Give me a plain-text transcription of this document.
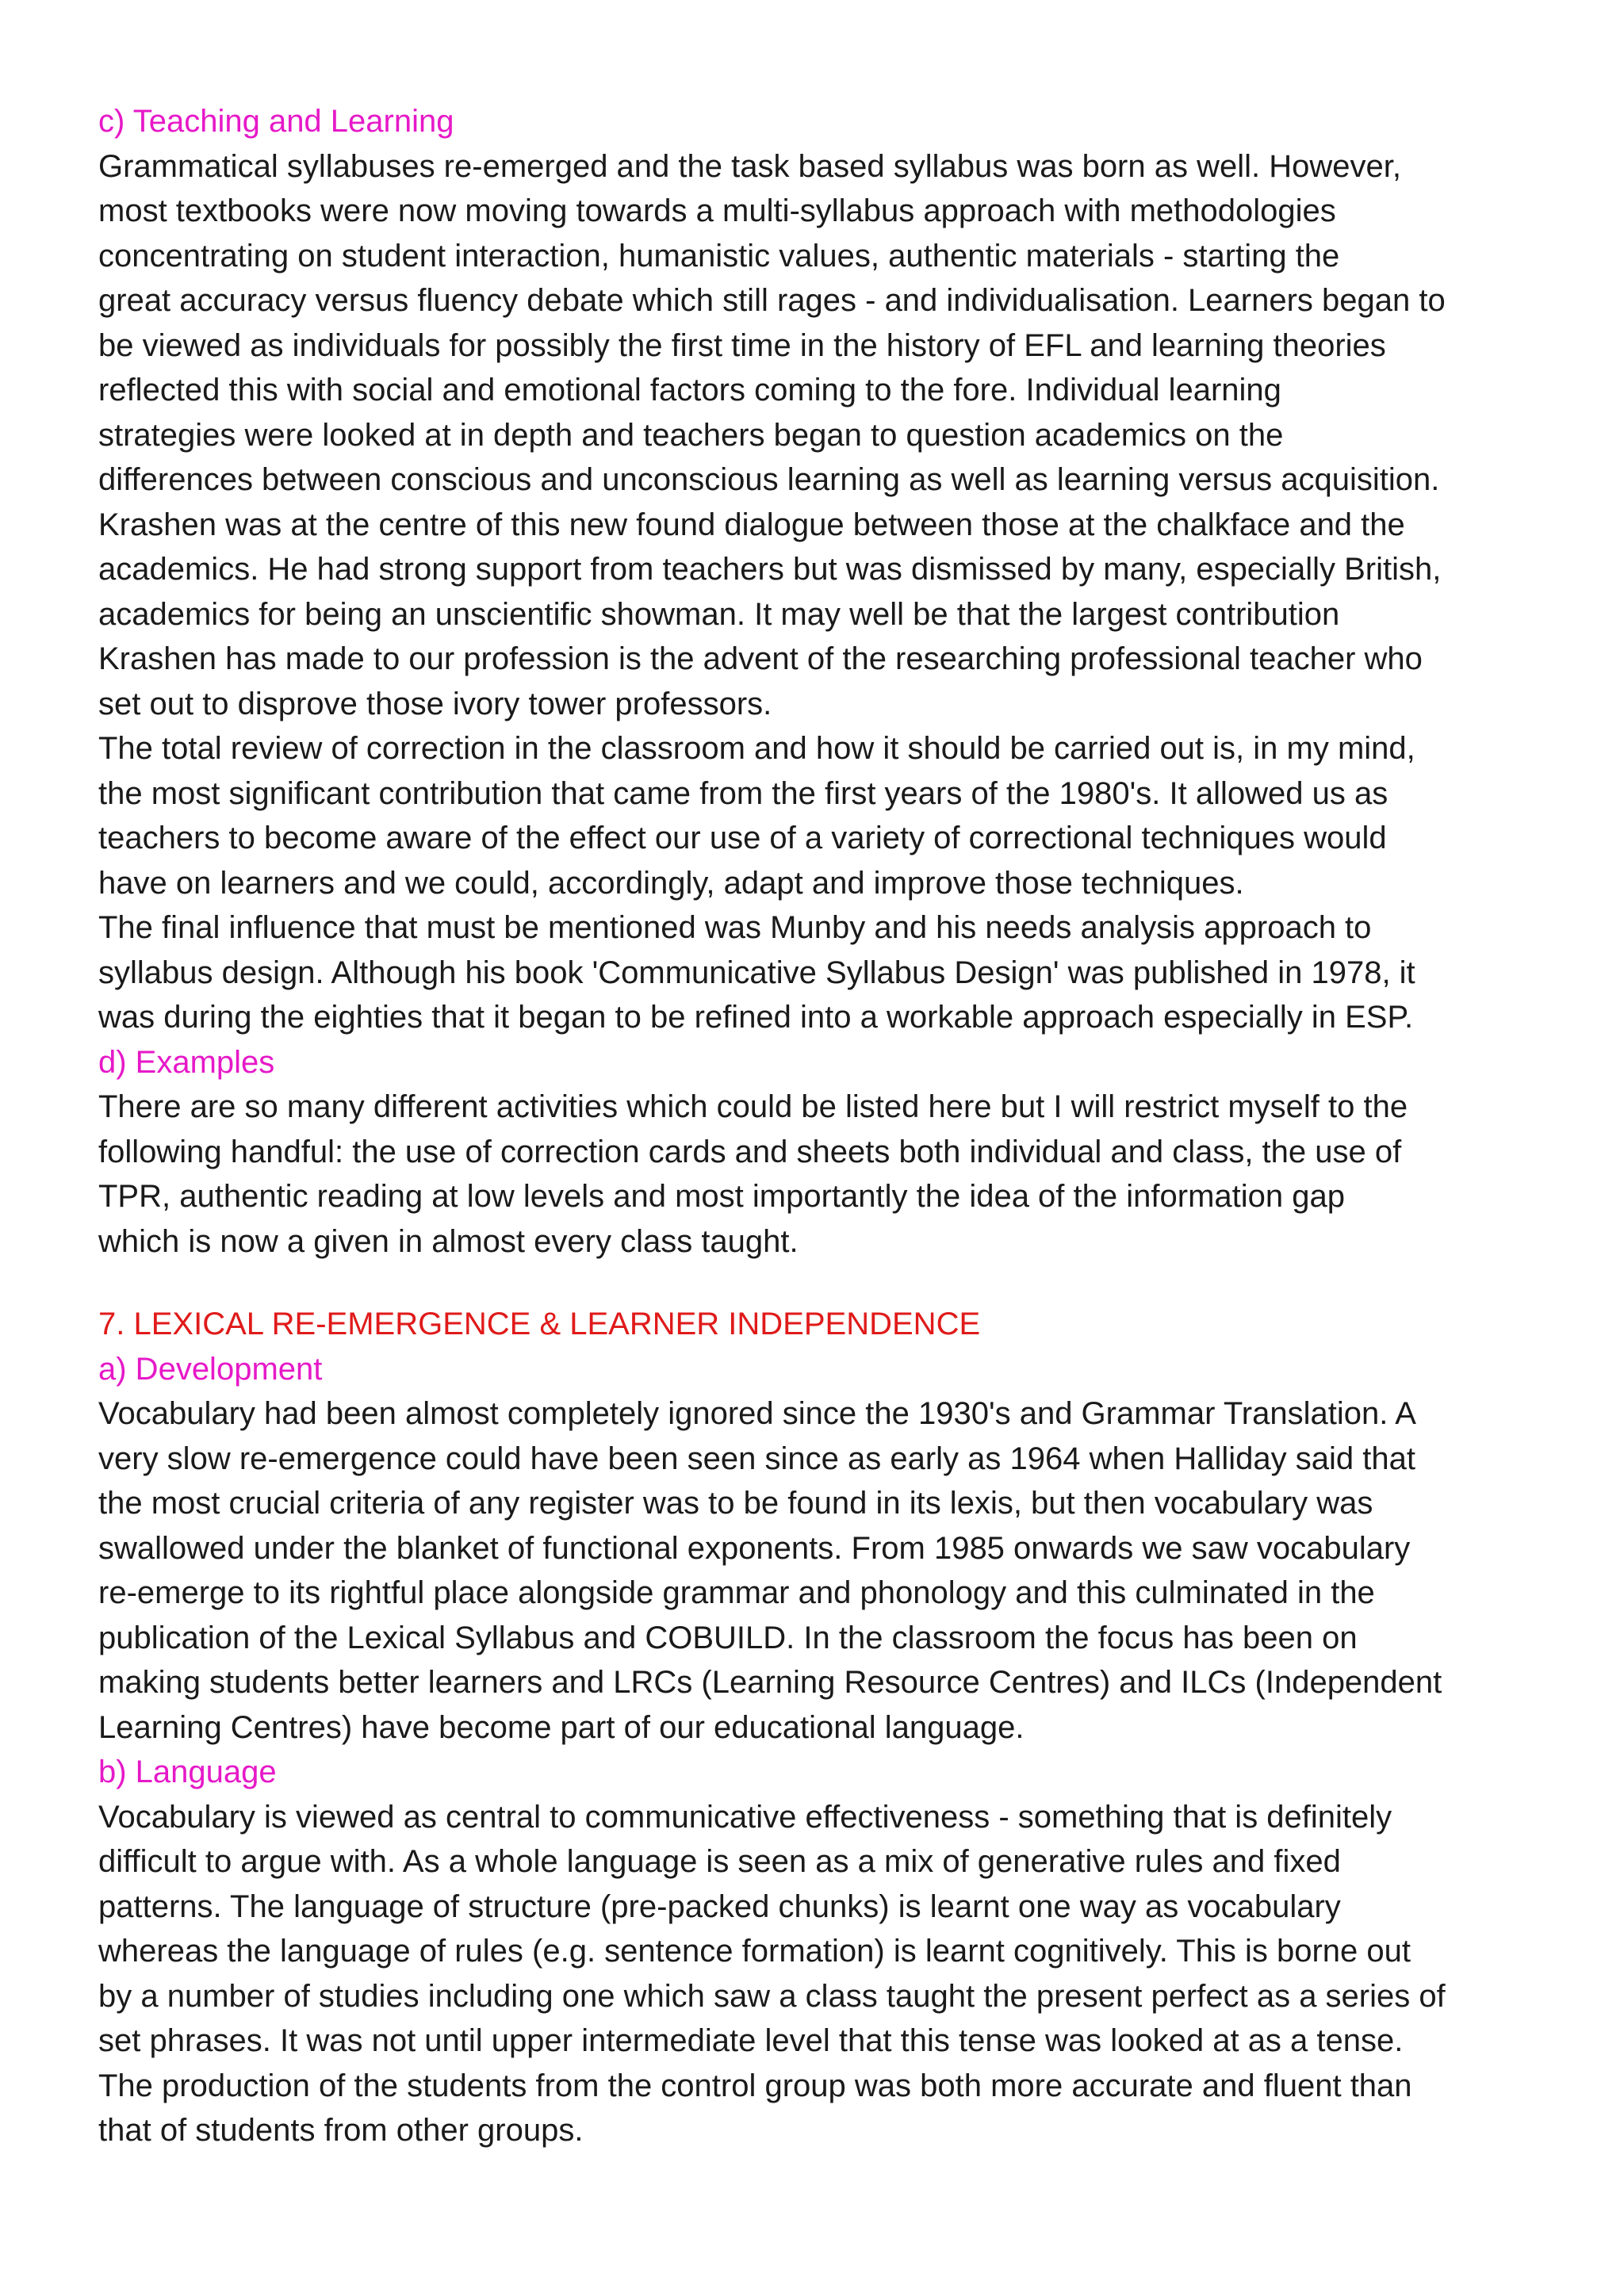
c) Teaching and Learning

Grammatical syllabuses re-emerged and the task based syllabus was born as well. However,
most textbooks were now moving towards a multi-syllabus approach with methodologies
concentrating on student interaction, humanistic values, authentic materials - starting the
great accuracy versus fluency debate which still rages - and individualisation. Learners began to
be viewed as individuals for possibly the first time in the history of EFL and learning theories
reflected this with social and emotional factors coming to the fore. Individual learning
strategies were looked at in depth and teachers began to question academics on the
differences between conscious and unconscious learning as well as learning versus acquisition.
Krashen was at the centre of this new found dialogue between those at the chalkface and the
academics. He had strong support from teachers but was dismissed by many, especially British,
academics for being an unscientific showman. It may well be that the largest contribution
Krashen has made to our profession is the advent of the researching professional teacher who
set out to disprove those ivory tower professors.

The total review of correction in the classroom and how it should be carried out is, in my mind,
the most significant contribution that came from the first years of the 1980's. It allowed us as
teachers to become aware of the effect our use of a variety of correctional techniques would
have on learners and we could, accordingly, adapt and improve those techniques.

The final influence that must be mentioned was Munby and his needs analysis approach to
syllabus design. Although his book 'Communicative Syllabus Design' was published in 1978, it
was during the eighties that it began to be refined into a workable approach especially in ESP.

d) Examples

There are so many different activities which could be listed here but I will restrict myself to the
following handful: the use of correction cards and sheets both individual and class, the use of
TPR, authentic reading at low levels and most importantly the idea of the information gap
which is now a given in almost every class taught.

7. LEXICAL RE-EMERGENCE & LEARNER INDEPENDENCE
a) Development

Vocabulary had been almost completely ignored since the 1930's and Grammar Translation. A
very slow re-emergence could have been seen since as early as 1964 when Halliday said that
the most crucial criteria of any register was to be found in its lexis, but then vocabulary was
swallowed under the blanket of functional exponents. From 1985 onwards we saw vocabulary
re-emerge to its rightful place alongside grammar and phonology and this culminated in the
publication of the Lexical Syllabus and COBUILD. In the classroom the focus has been on
making students better learners and LRCs (Learning Resource Centres) and ILCs (Independent
Learning Centres) have become part of our educational language.

b) Language

Vocabulary is viewed as central to communicative effectiveness - something that is definitely
difficult to argue with. As a whole language is seen as a mix of generative rules and fixed
patterns. The language of structure (pre-packed chunks) is learnt one way as vocabulary
whereas the language of rules (e.g. sentence formation) is learnt cognitively. This is borne out
by a number of studies including one which saw a class taught the present perfect as a series of
set phrases. It was not until upper intermediate level that this tense was looked at as a tense.
The production of the students from the control group was both more accurate and fluent than
that of students from other groups.
